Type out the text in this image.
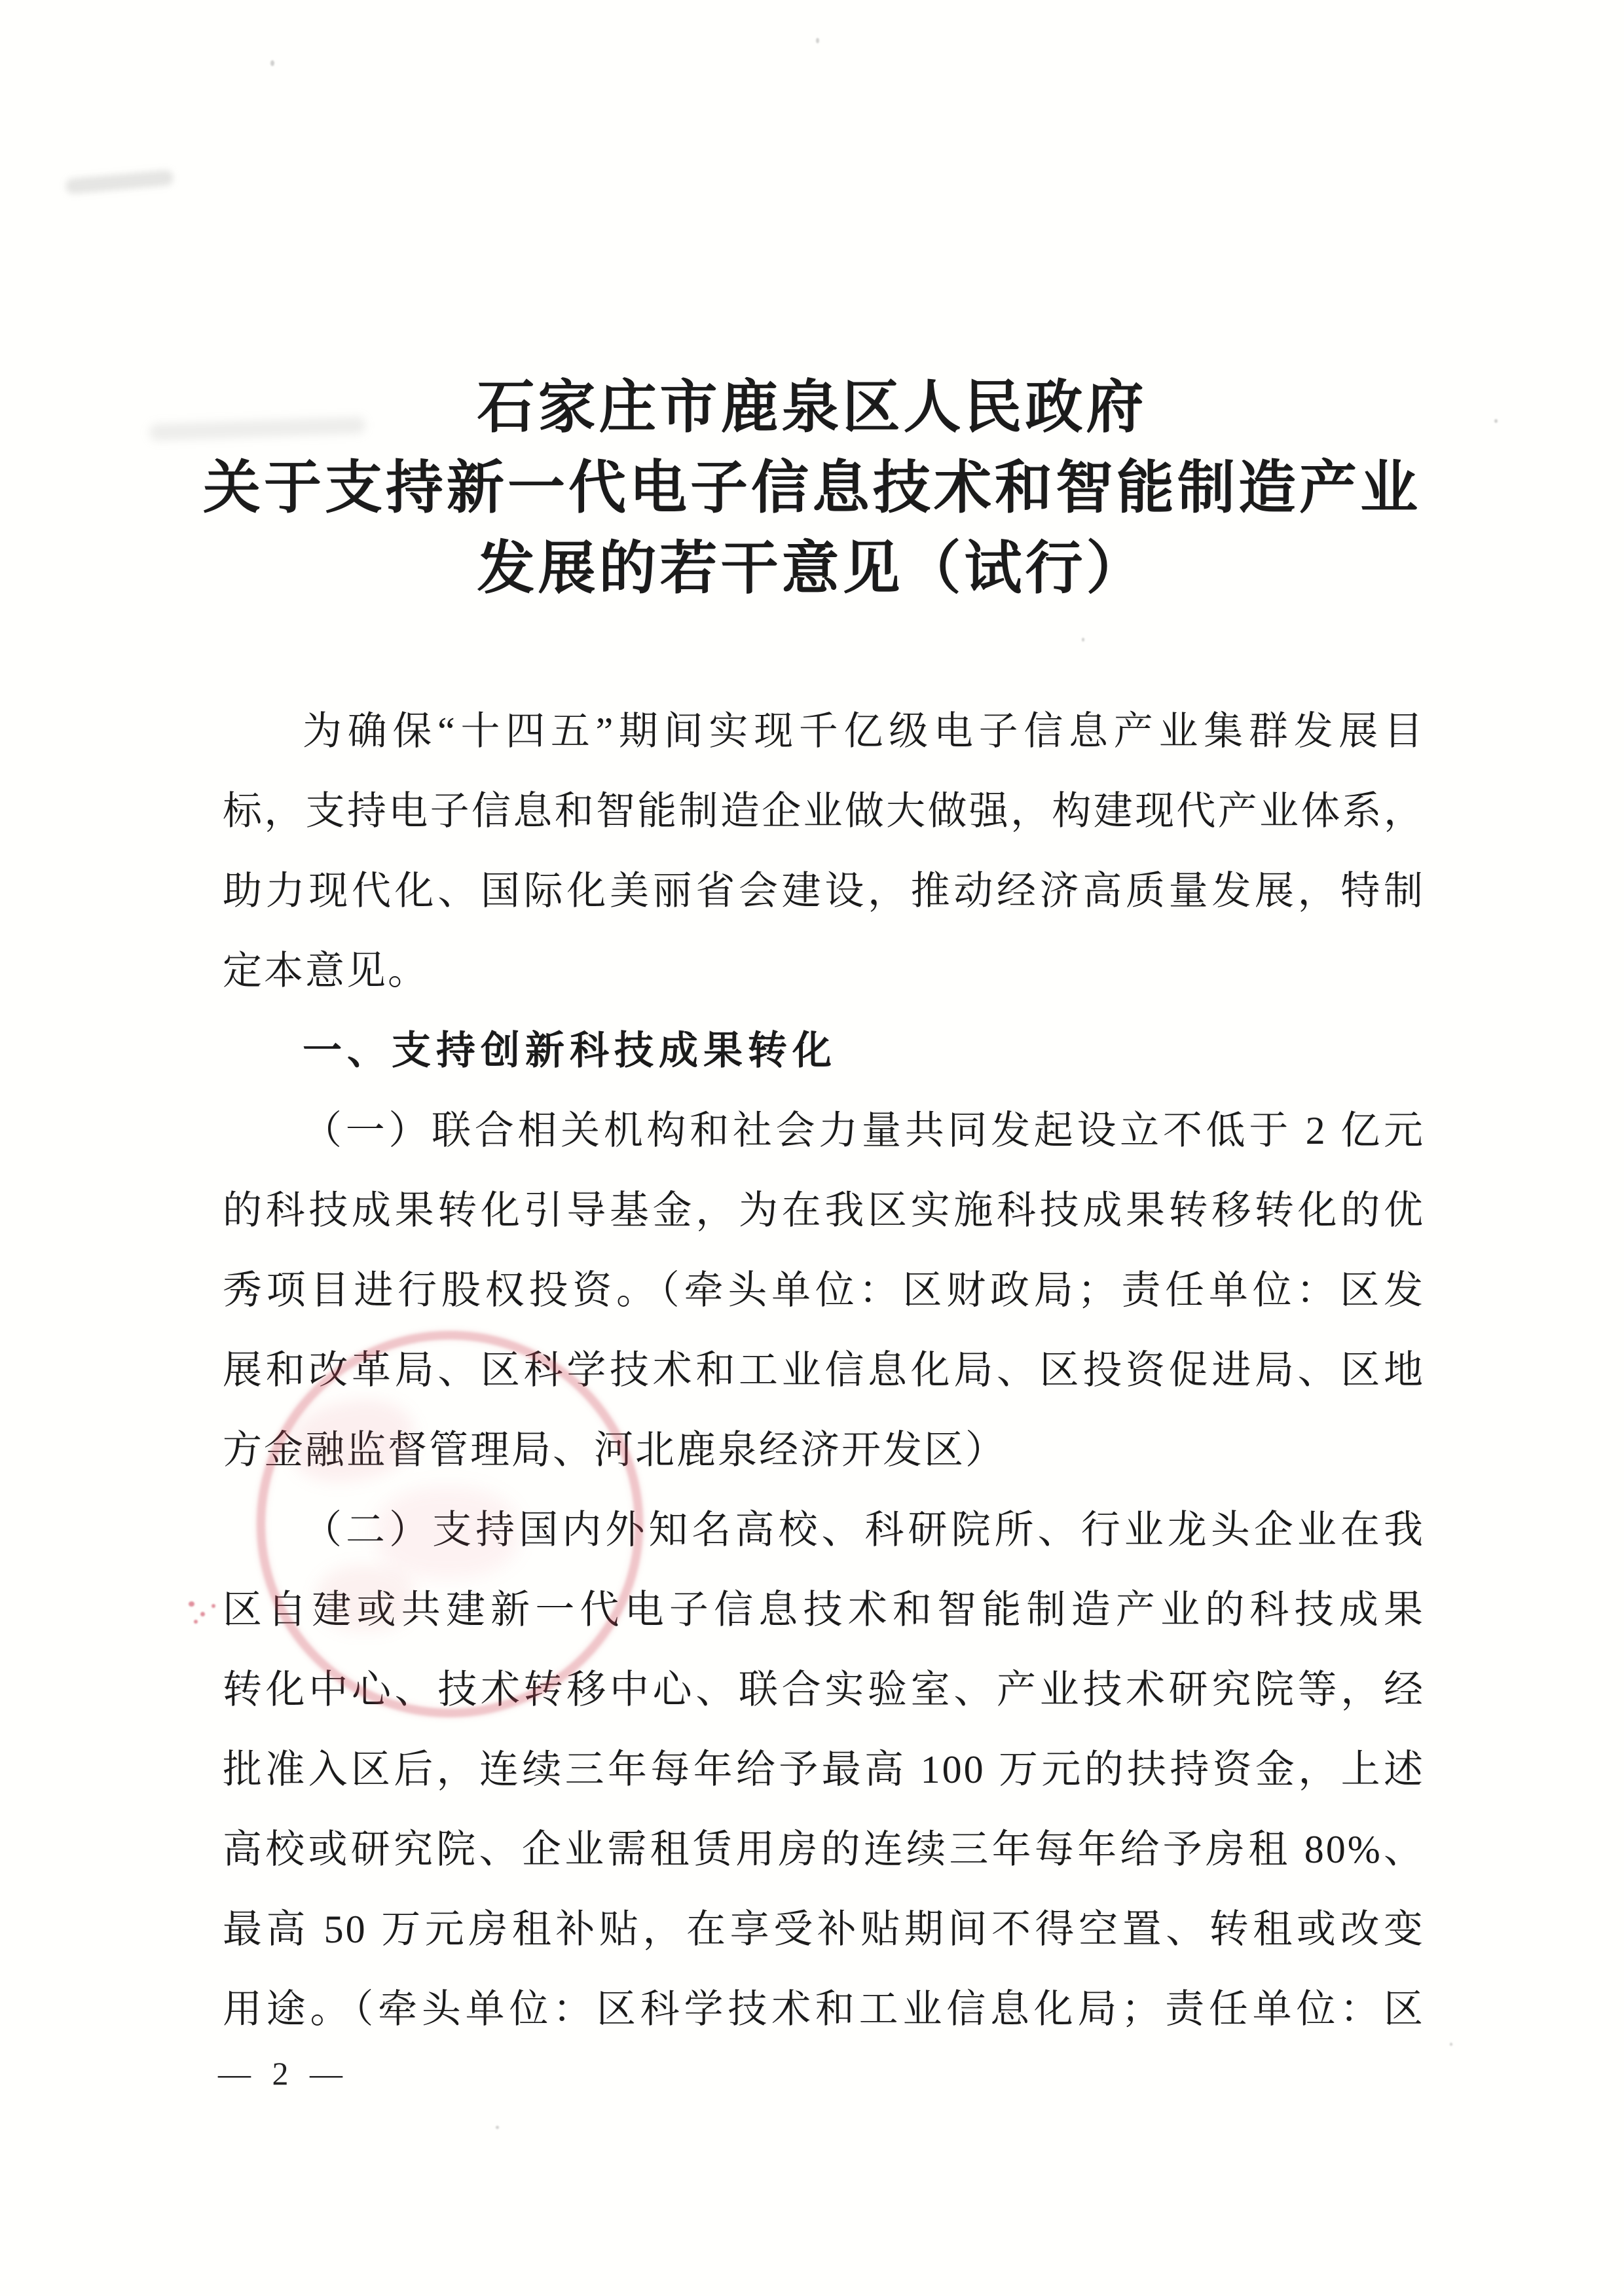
石家庄市鹿泉区人民政府
关于支持新一代电子信息技术和智能制造产业
发展的若干意见（试行）
为确保“十四五”期间实现千亿级电子信息产业集群发展目
标，支持电子信息和智能制造企业做大做强，构建现代产业体系，
助力现代化、国际化美丽省会建设，推动经济高质量发展，特制
定本意见。
一、支持创新科技成果转化
（一）联合相关机构和社会力量共同发起设立不低于 2 亿元
的科技成果转化引导基金，为在我区实施科技成果转移转化的优
秀项目进行股权投资。（牵头单位：区财政局；责任单位：区发
展和改革局、区科学技术和工业信息化局、区投资促进局、区地
方金融监督管理局、河北鹿泉经济开发区）
（二）支持国内外知名高校、科研院所、行业龙头企业在我
区自建或共建新一代电子信息技术和智能制造产业的科技成果
转化中心、技术转移中心、联合实验室、产业技术研究院等，经
批准入区后，连续三年每年给予最高 100 万元的扶持资金，上述
高校或研究院、企业需租赁用房的连续三年每年给予房租 80%、
最高 50 万元房租补贴，在享受补贴期间不得空置、转租或改变
用途。（牵头单位：区科学技术和工业信息化局；责任单位：区
— 2 —
